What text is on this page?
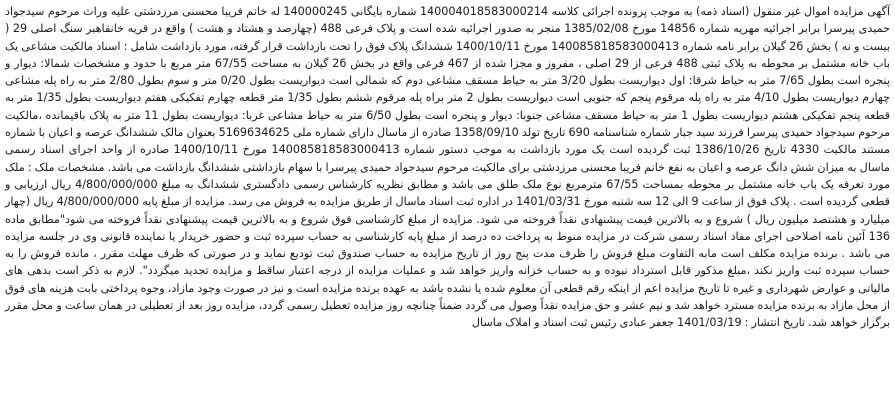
آگهی مزایده اموال غیر منقول (اسناد ذمه) به موجب پرونده اجرائی کلاسه 140004018583000214 شماره بایگانی 140000245 له خانم فریبا محسنی مرزدشتی علیه وراث مرحوم سیدجواد حمیدی پیرسرا برابر اجرائیه مهریه شماره 14856 مورخ 1385/02/08 منجر به صدور اجرائیه شده است و پلاک فرعی 488 (چهارصد و هشتاد و هشت ) واقع در قریه خانقاهبر سنگ اصلی 29 ( بیست و نه ) بخش 26 گیلان برابر نامه شماره 140085818583000413 مورخ 1400/10/11 ششدانگ پلاک فوق را تحت بازداشت قرار گرفته، مورد بازداشت شامل : اسناد مالکیت مشاعی یک باب خانه مشتمل بر محوطه به پلاک ثبتی 488 فرعی از 29 اصلی ، مفروز و مجزا شده از 467 فرعی واقع در بخش 26 گیلان به مساحت 67/55 متر مربع با حدود و مشخصات شمالا: دیوار و پنجره است بطول 7/65 متر به حیاط شرقا: اول دیواریست بطول 3/20 متر به حیاط مسقف مشاعی دوم که شمالی است دیواریست بطول 0/20 متر و سوم بطول 2/80 متر به راه پله مشاعی چهارم دیواریست بطول 4/10 متر به راه پله مرقوم پنجم که جنوبی است دیواریست بطول 2 متر براه پله مرقوم ششم بطول 1/35 متر قطعه چهارم تفکیکی هفتم دیواریست بطول 1/35 متر به قطعه پنجم تفکیکی هشتم دیواریست بطول 1 متر به حیاط مسقف مشاعی جنوبا: دیوار و پنجره است بطول 6/50 متر به حیاط مشاعی غربا: دیواریست بطول 11 متر به پلاک باقیمانده ،مالکیت مرحوم سیدجواد حمیدی پیرسرا فرزند سید جبار شماره شناسنامه 690 تاریخ تولد 1358/09/10 صادره از ماسال دارای شماره ملی 5169634625 بعنوان مالک ششدانگ عرصه و اعیان با شماره مستند مالکیت 4330 تاریخ 1386/10/26 ثبت گردیده است یک مورد بازداشت به موجب دستور شماره 140085818583000413 مورخ 1400/10/11 صادره از واحد اجرای اسناد رسمی ماسال به میزان شش دانگ عرصه و اعیان به نفع خانم فریبا محسنی مرزدشتی برای مالکیت مرحوم سیدجواد حمیدی پیرسرا با سهام بازداشتی ششدانگ بازداشت می باشد. مشخصات ملک : ملک مورد تعرفه یک باب خانه مشتمل بر محوطه بمساحت 67/55 مترمربع نوع ملک طلق می باشد و مطابق نظریه کارشناس رسمی دادگستری ششدانگ به مبلغ 4/800/000/000 ریال ارزیابی و قطعی گردیده است . پلاک فوق از ساعت 9 الی 12 سه شنبه مورخ 1401/03/31 در اداره ثبت اسناد ماسال از طریق مزایده به فروش می رسد. مزایده از مبلغ پایه 4/800/000/000 ریال (چهار میلیارد و هشتصد میلیون ریال ) شروع و به بالاترین قیمت پیشنهادی نقداً فروخته می شود. مزایده از مبلغ کارشناسی فوق شروع و به بالاترین قیمت پیشنهادی نقداً فروخته می شود"مطابق ماده 136 آئین نامه اصلاحی اجرای مفاد اسناد رسمی شرکت در مزایده منوط به پرداخت ده درصد از مبلغ پایه کارشناسی به حساب سپرده ثبت و حضور خریدار یا نماینده قانونی وی در جلسه مزایده می باشد . برنده مزایده مکلف است مابه التفاوت مبلغ فروش را ظرف مدت پنج روز از تاریخ مزایده به حساب صندوق ثبت تودیع نماید و در صورتی که ظرف مهلت مقرر ، مانده فروش را به حساب سپرده ثبت واریز نکند ،مبلغ مذکور قابل استرداد نبوده و به حساب خزانه واریز خواهد شد و عملیات مزایده از درجه اعتبار ساقط و مزایده تجدید میگردد". لازم به ذکر است بدهی های مالیاتی و عوارض شهرداری و غیره تا تاریخ مزایده اعم از اینکه رقم قطعی آن معلوم شده یا نشده باشد به عهده برنده مزایده است و نیز در صورت وجود مازاد، وجوه پرداختی بابت هزینه های فوق از محل مازاد به برنده مزایده مسترد خواهد شد و نیم عشر و حق مزایده نقداً وصول می گردد ضمناً چنانچه روز مزایده تعطیل رسمی گردد، مزایده روز بعد از تعطیلی در همان ساعت و محل مقرر برگزار خواهد شد. تاریخ انتشار : 1401/03/19 جعفر عبادی رئیس ثبت اسناد و املاک ماسال
